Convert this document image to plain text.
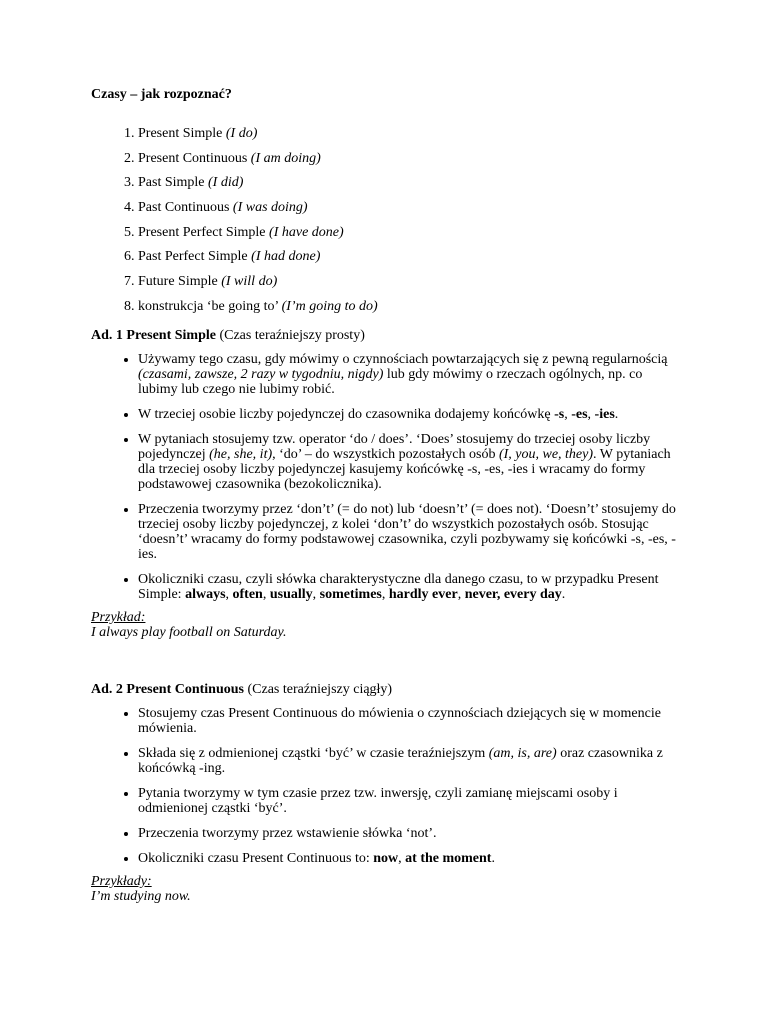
Czasy – jak rozpoznać?

1. Present Simple (I do)
2. Present Continuous (I am doing)
3. Past Simple (I did)
4. Past Continuous (I was doing)
5. Present Perfect Simple (I have done)
6. Past Perfect Simple (I had done)
7. Future Simple (I will do)
8. konstrukcja ‘be going to’ (I’m going to do)

Ad. 1 Present Simple (Czas teraźniejszy prosty)

• Używamy tego czasu, gdy mówimy o czynnościach powtarzających się z pewną regularnością (czasami, zawsze, 2 razy w tygodniu, nigdy) lub gdy mówimy o rzeczach ogólnych, np. co lubimy lub czego nie lubimy robić.
• W trzeciej osobie liczby pojedynczej do czasownika dodajemy końcówkę -s, -es, -ies.
• W pytaniach stosujemy tzw. operator ‘do / does’. ‘Does’ stosujemy do trzeciej osoby liczby pojedynczej (he, she, it), ‘do’ – do wszystkich pozostałych osób (I, you, we, they). W pytaniach dla trzeciej osoby liczby pojedynczej kasujemy końcówkę -s, -es, -ies i wracamy do formy podstawowej czasownika (bezokolicznika).
• Przeczenia tworzymy przez ‘don’t’ (= do not) lub ‘doesn’t’ (= does not). ‘Doesn’t’ stosujemy do trzeciej osoby liczby pojedynczej, z kolei ‘don’t’ do wszystkich pozostałych osób. Stosując ‘doesn’t’ wracamy do formy podstawowej czasownika, czyli pozbywamy się końcówki -s, -es, -ies.
• Okoliczniki czasu, czyli słówka charakterystyczne dla danego czasu, to w przypadku Present Simple: always, often, usually, sometimes, hardly ever, never, every day.

Przykład:

I always play football on Saturday.

Ad. 2 Present Continuous (Czas teraźniejszy ciągły)

• Stosujemy czas Present Continuous do mówienia o czynnościach dziejących się w momencie mówienia.
• Składa się z odmienionej cząstki ‘być’ w czasie teraźniejszym (am, is, are) oraz czasownika z końcówką -ing.
• Pytania tworzymy w tym czasie przez tzw. inwersję, czyli zamianę miejscami osoby i odmienionej cząstki ‘być’.
• Przeczenia tworzymy przez wstawienie słówka ‘not’.
• Okoliczniki czasu Present Continuous to: now, at the moment.

Przykłady:

I’m studying now.
